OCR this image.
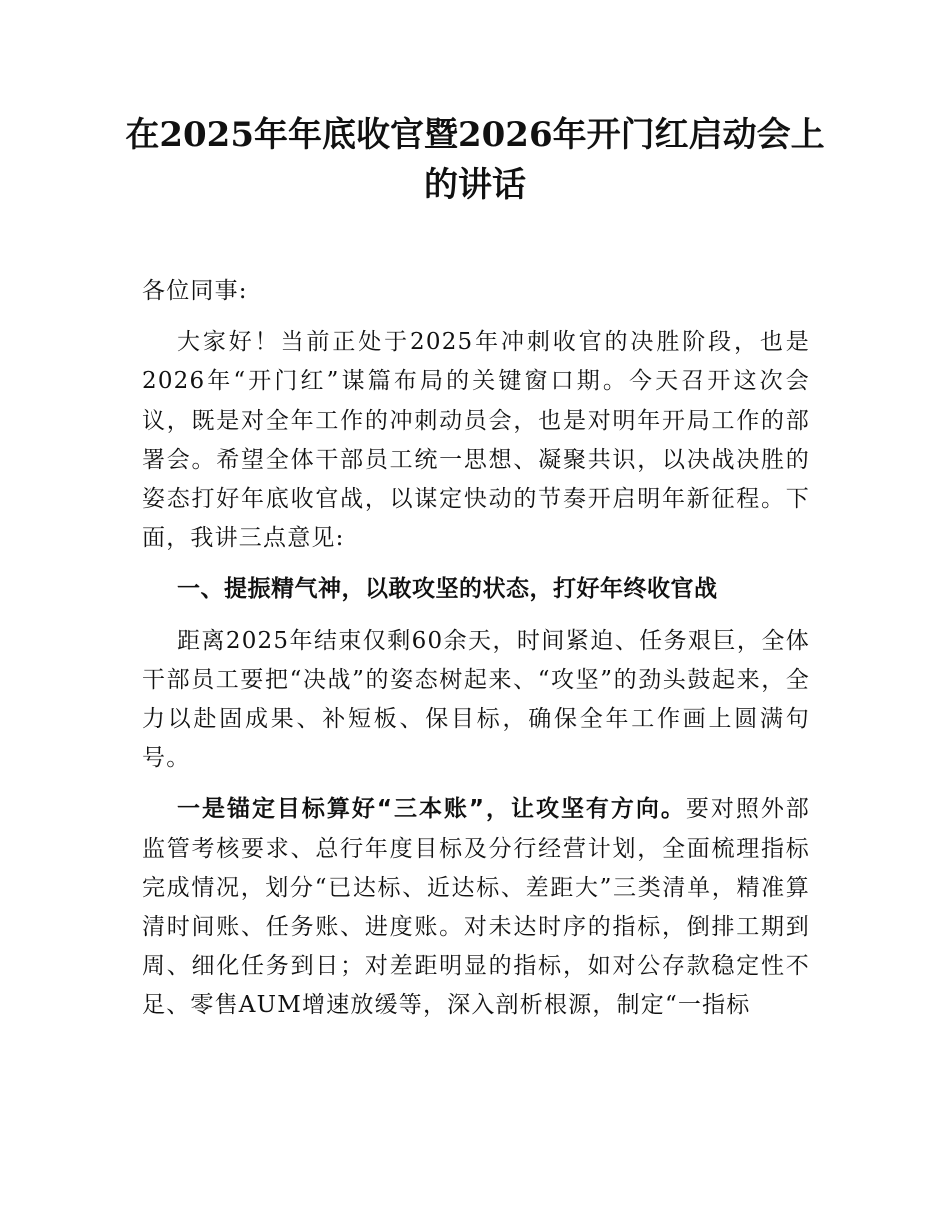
在2025年年底收官暨2026年开门红启动会上的讲话

各位同事:

大家好！当前正处于2025年冲刺收官的决胜阶段，也是2026年“开门红”谋篇布局的关键窗口期。今天召开这次会议，既是对全年工作的冲刺动员会，也是对明年开局工作的部署会。希望全体干部员工统一思想、凝聚共识，以决战决胜的姿态打好年底收官战，以谋定快动的节奏开启明年新征程。下面，我讲三点意见:

一、提振精气神，以敢攻坚的状态，打好年终收官战

距离2025年结束仅剩60余天，时间紧迫、任务艰巨，全体干部员工要把“决战”的姿态树起来、“攻坚”的劲头鼓起来，全力以赴固成果、补短板、保目标，确保全年工作画上圆满句号。

一是锚定目标算好“三本账”，让攻坚有方向。要对照外部监管考核要求、总行年度目标及分行经营计划，全面梳理指标完成情况，划分“已达标、近达标、差距大”三类清单，精准算清时间账、任务账、进度账。对未达时序的指标，倒排工期到周、细化任务到日；对差距明显的指标，如对公存款稳定性不足、零售AUM增速放缓等，深入剖析根源，制定“一指标
